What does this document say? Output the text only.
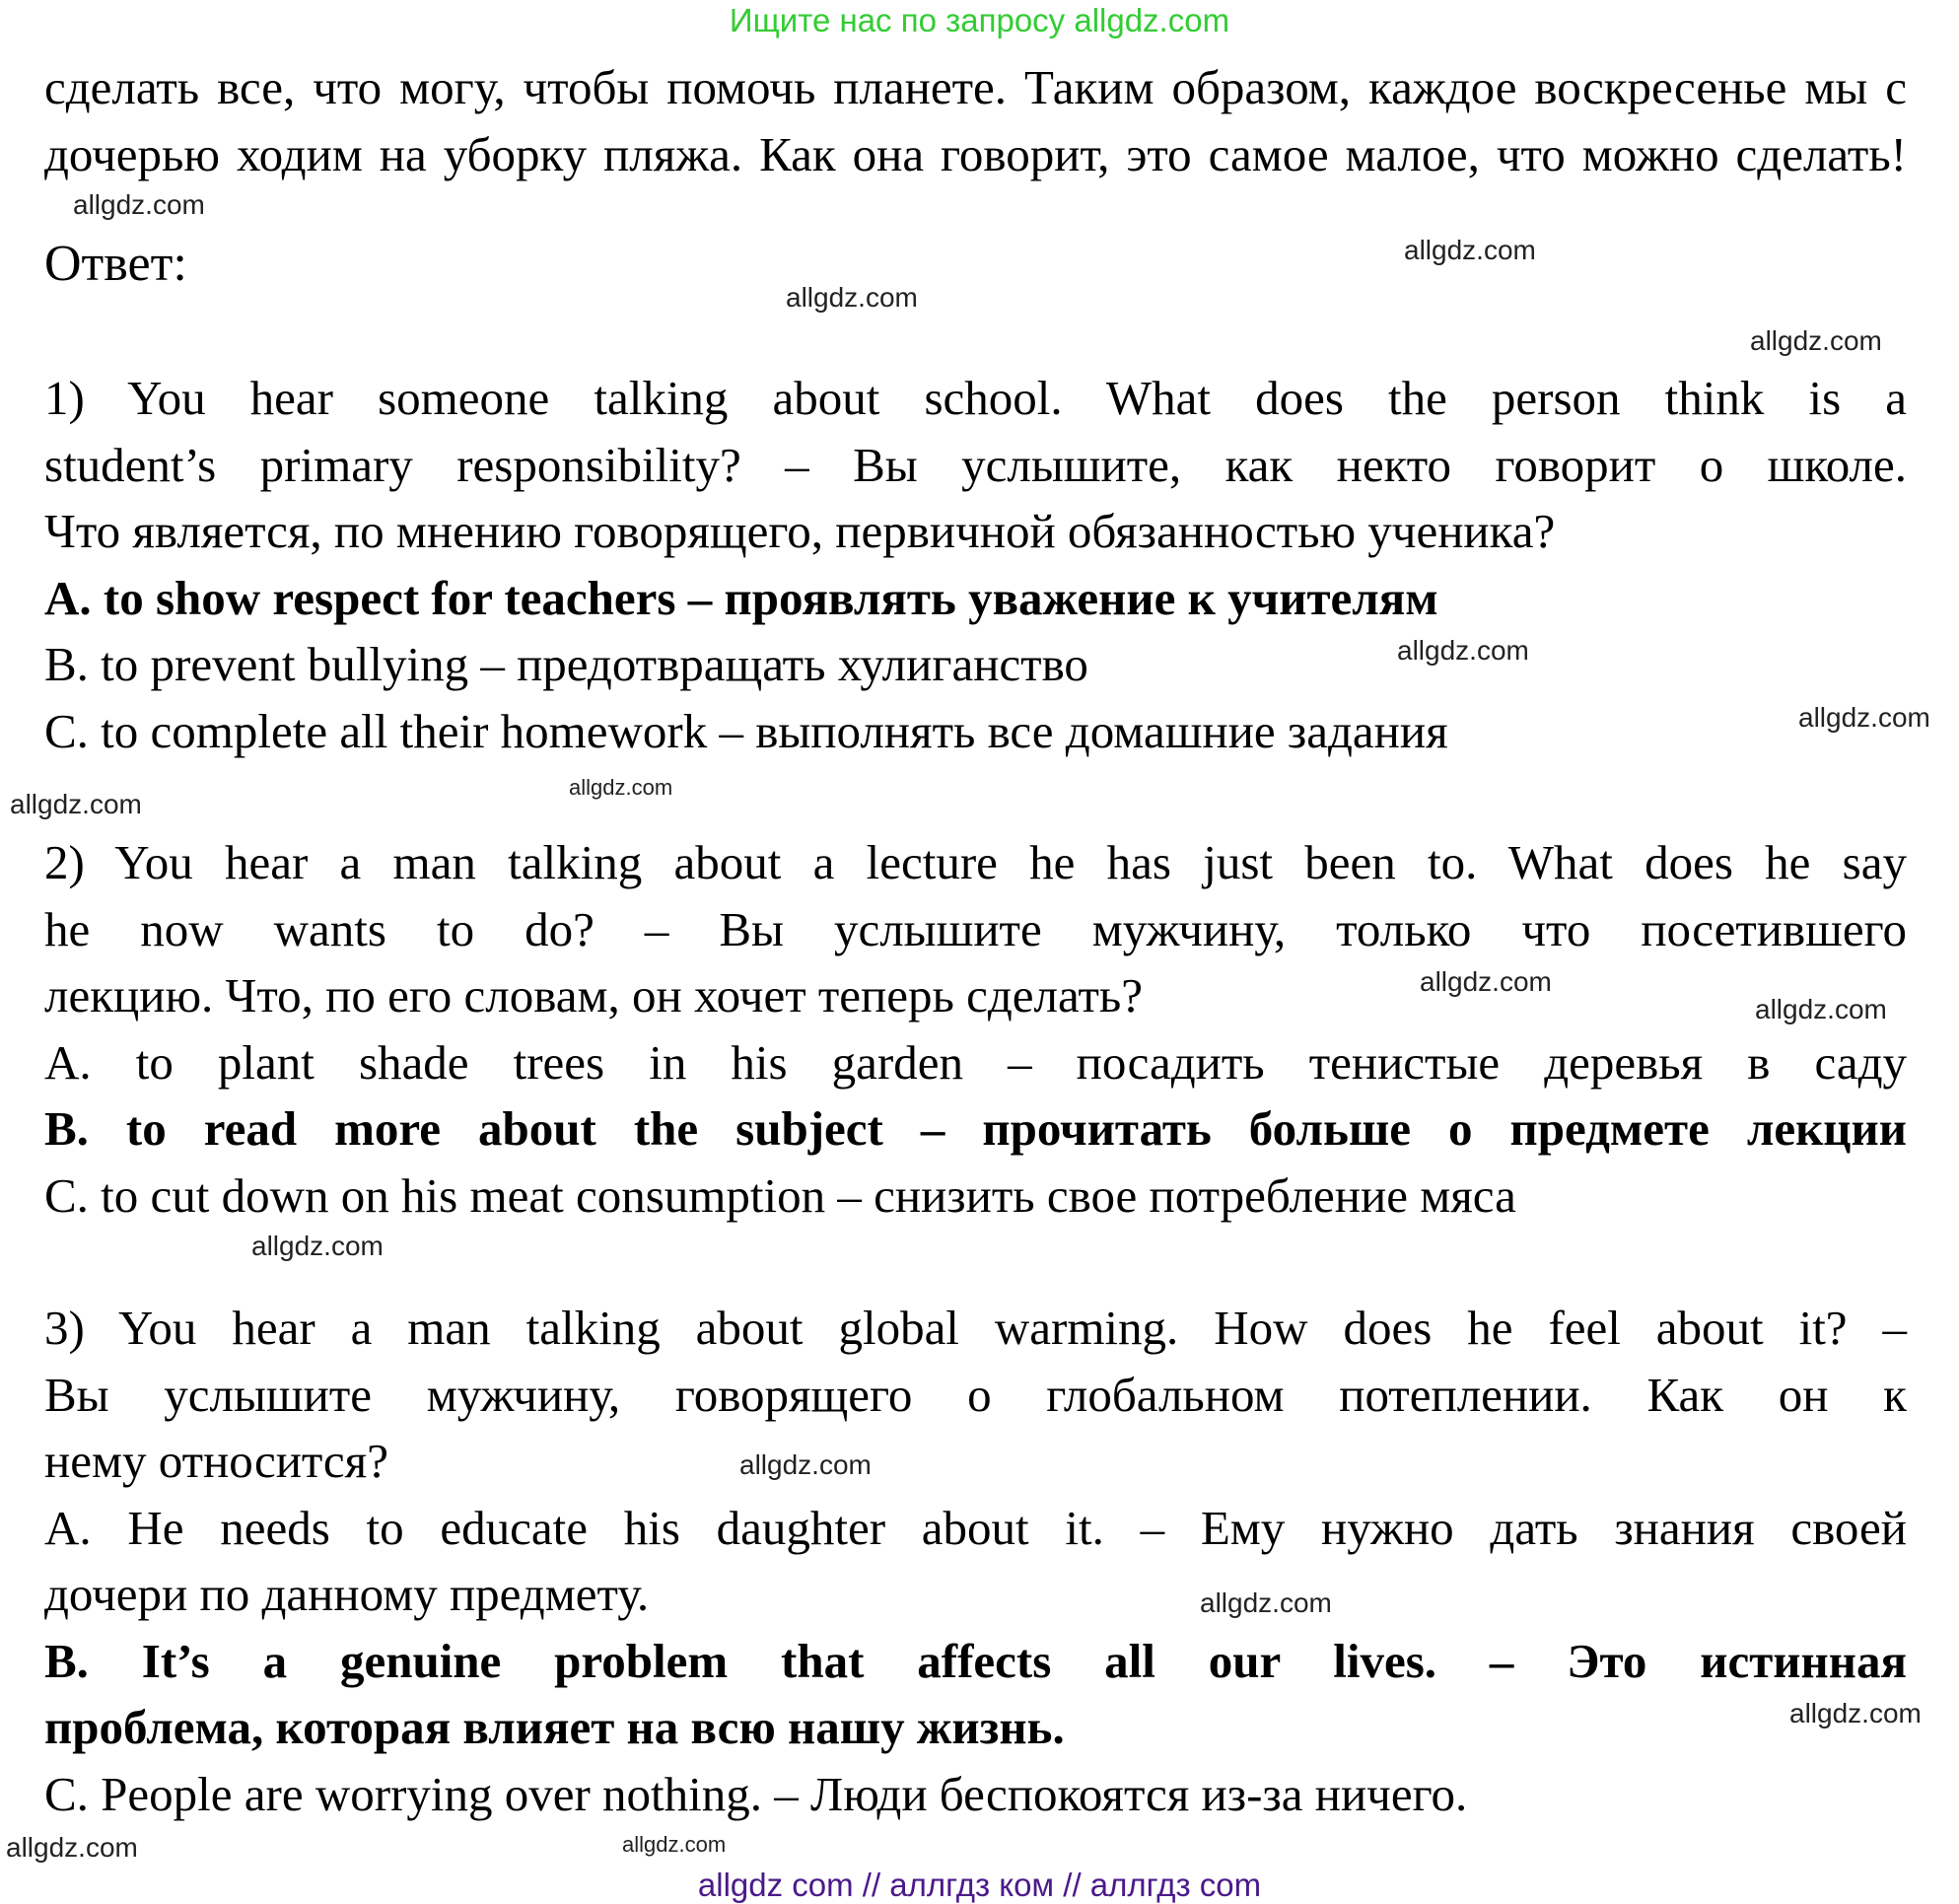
Ищите нас по запросу allgdz.com
сделать все, что могу, чтобы помочь планете. Таким образом, каждое воскресенье мы с
дочерью ходим на уборку пляжа. Как она говорит, это самое малое, что можно сделать!
Ответ:
1) You hear someone talking about school. What does the person think is a
student’s primary responsibility? – Вы услышите, как некто говорит о школе.
Что является, по мнению говорящего, первичной обязанностью ученика?
A. to show respect for teachers – проявлять уважение к учителям
B. to prevent bullying – предотвращать хулиганство
C. to complete all their homework – выполнять все домашние задания
2) You hear a man talking about a lecture he has just been to. What does he say
he now wants to do? – Вы услышите мужчину, только что посетившего
лекцию. Что, по его словам, он хочет теперь сделать?
A. to plant shade trees in his garden – посадить тенистые деревья в саду
B. to read more about the subject – прочитать больше о предмете лекции
C. to cut down on his meat consumption – снизить свое потребление мяса
3) You hear a man talking about global warming. How does he feel about it? –
Вы услышите мужчину, говорящего о глобальном потеплении. Как он к
нему относится?
A. He needs to educate his daughter about it. – Ему нужно дать знания своей
дочери по данному предмету.
B. It’s a genuine problem that affects all our lives. – Это истинная
проблема, которая влияет на всю нашу жизнь.
C. People are worrying over nothing. – Люди беспокоятся из-за ничего.
allgdz.com
allgdz.com
allgdz.com
allgdz.com
allgdz.com
allgdz.com
allgdz.com
allgdz.com
allgdz.com
allgdz.com
allgdz.com
allgdz.com
allgdz.com
allgdz.com
allgdz.com
allgdz.com
allgdz com // аллгдз ком // аллгдз com
